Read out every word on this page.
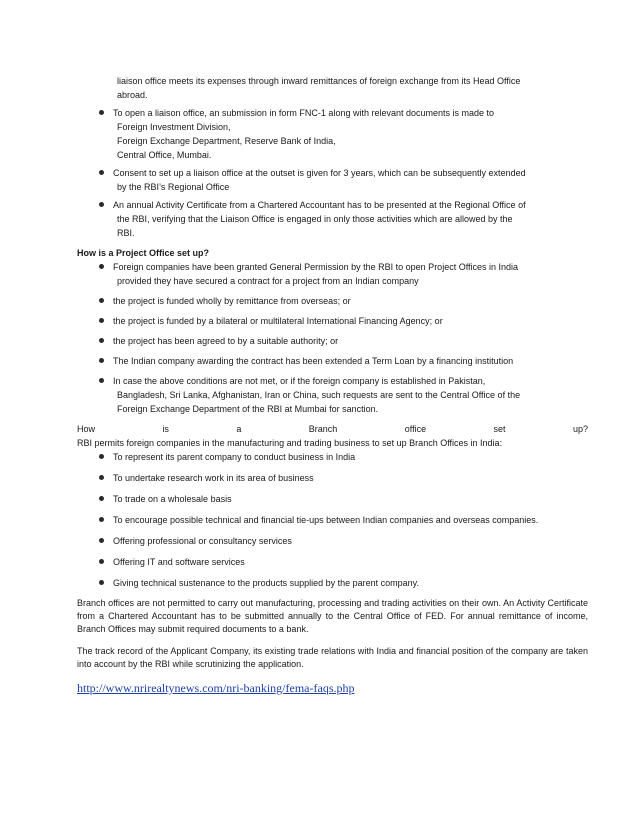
liaison office meets its expenses through inward remittances of foreign exchange from its Head Office
abroad.
To open a liaison office, an submission in form FNC-1 along with relevant documents is made to
Foreign Investment Division,
Foreign Exchange Department, Reserve Bank of India,
Central Office, Mumbai.
Consent to set up a liaison office at the outset is given for 3 years, which can be subsequently extended
by the RBI’s Regional Office
An annual Activity Certificate from a Chartered Accountant has to be presented at the Regional Office of
the RBI, verifying that the Liaison Office is engaged in only those activities which are allowed by the
RBI.
How is a Project Office set up?
Foreign companies have been granted General Permission by the RBI to open Project Offices in India
provided they have secured a contract for a project from an Indian company
the project is funded wholly by remittance from overseas; or
the project is funded by a bilateral or multilateral International Financing Agency; or
the project has been agreed to by a suitable authority; or
The Indian company awarding the contract has been extended a Term Loan by a financing institution
In case the above conditions are not met, or if the foreign company is established in Pakistan,
Bangladesh, Sri Lanka, Afghanistan, Iran or China, such requests are sent to the Central Office of the
Foreign Exchange Department of the RBI at Mumbai for sanction.
How	is	a	Branch	office	set	up?
RBI permits foreign companies in the manufacturing and trading business to set up Branch Offices in India:
To represent its parent company to conduct business in India
To undertake research work in its area of business
To trade on a wholesale basis
To encourage possible technical and financial tie-ups between Indian companies and overseas companies.
Offering professional or consultancy services
Offering IT and software services
Giving technical sustenance to the products supplied by the parent company.
Branch offices are not permitted to carry out manufacturing, processing and trading activities on their own. An Activity Certificate from a Chartered Accountant has to be submitted annually to the Central Office of FED. For annual remittance of income, Branch Offices may submit required documents to a bank.
The track record of the Applicant Company, its existing trade relations with India and financial position of the company are taken into account by the RBI while scrutinizing the application.
http://www.nrirealtynews.com/nri-banking/fema-faqs.php
